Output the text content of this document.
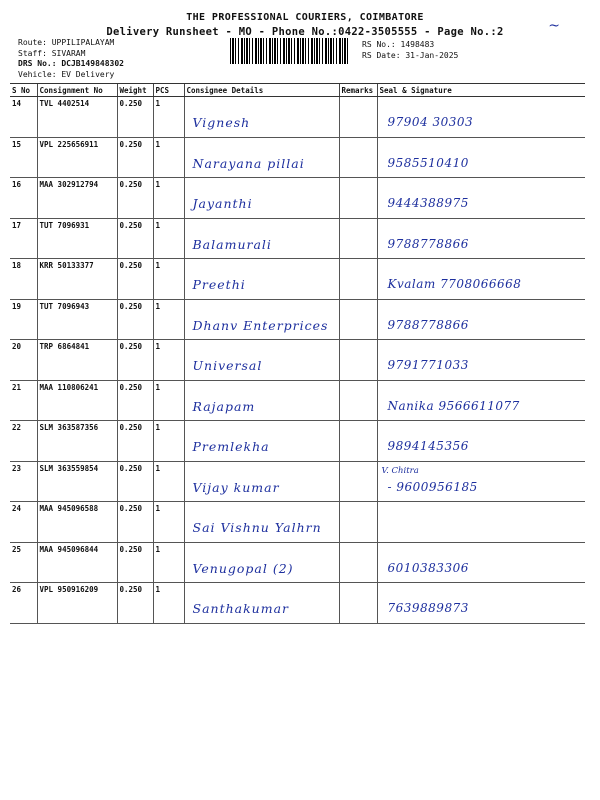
THE PROFESSIONAL COURIERS, COIMBATORE
Delivery Runsheet - MO - Phone No.:0422-3505555 - Page No.:2
Route: UPPILIPALAYAM
Staff: SIVARAM
DRS No.: DCJB149848302
Vehicle: EV Delivery
RS No.: 1498483
RS Date: 31-Jan-2025
~
S No	Consignment No	Weight	PCS	Consignee Details	Remarks	Seal & Signature
14	TVL 4402514	0.250	1	Vignesh		97904 30303

15	VPL 225656911	0.250	1	Narayana pillai		9585510410

16	MAA 302912794	0.250	1	Jayanthi		9444388975

17	TUT 7096931	0.250	1	Balamurali		9788778866

18	KRR 50133377	0.250	1	Preethi		Kvalam 7708066668

19	TUT 7096943	0.250	1	Dhanv Enterprices		9788778866

20	TRP 6864841	0.250	1	Universal		9791771033

21	MAA 110806241	0.250	1	Rajapam		Nanika 9566611077

22	SLM 363587356	0.250	1	Premlekha		9894145356

23	SLM 363559854	0.250	1	Vijay kumar		- 9600956185
V. Chitra

24	MAA 945096588	0.250	1	Sai Vishnu Yalhrn		

25	MAA 945096844	0.250	1	Venugopal (2)		6010383306

26	VPL 950916209	0.250	1	Santhakumar		7639889873
